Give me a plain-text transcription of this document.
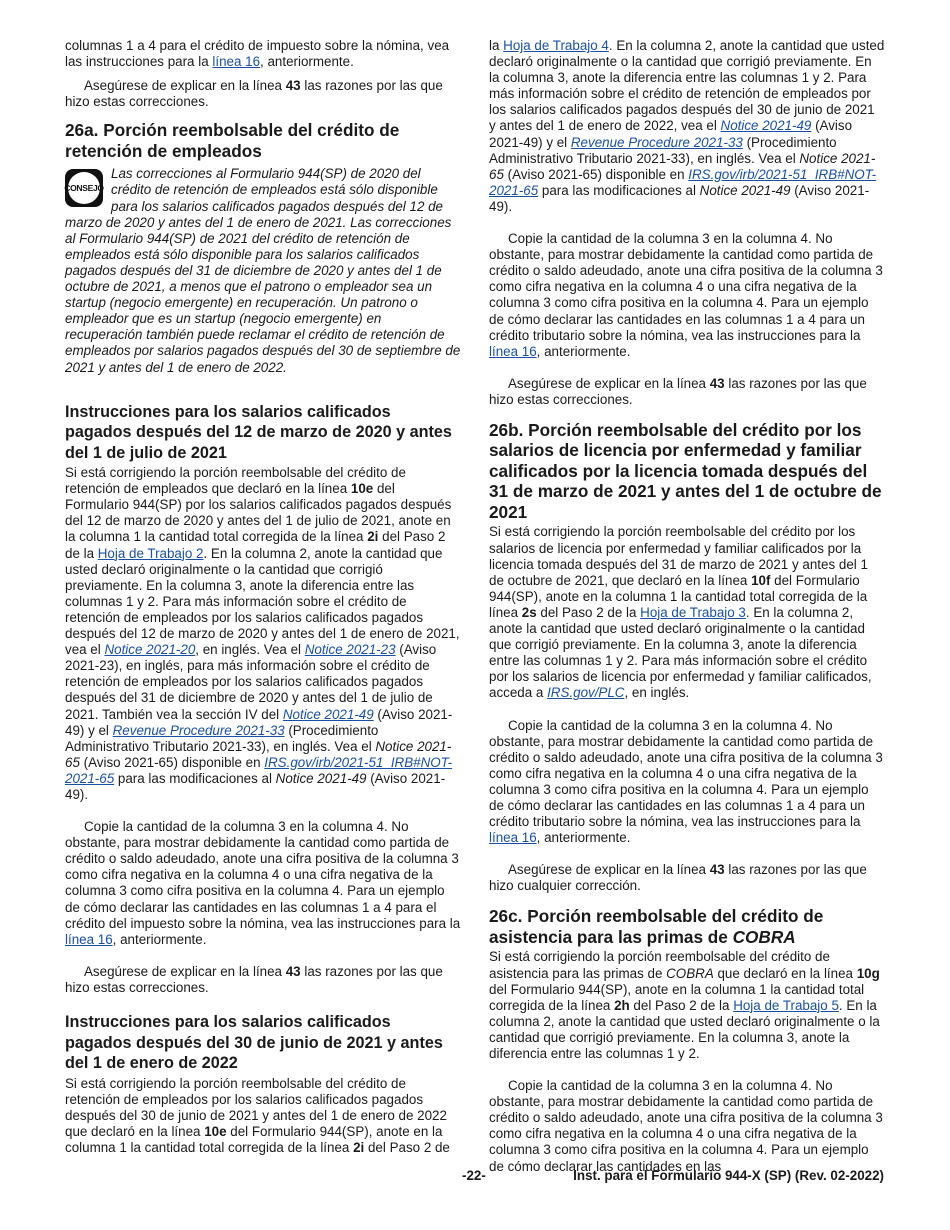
columnas 1 a 4 para el crédito de impuesto sobre la nómina, vea las instrucciones para la línea 16, anteriormente.

Asegúrese de explicar en la línea 43 las razones por las que hizo estas correcciones.

26a. Porción reembolsable del crédito de retención de empleados
CONSEJO

Las correcciones al Formulario 944(SP) de 2020 del crédito de retención de empleados está sólo disponible para los salarios calificados pagados después del 12 de marzo de 2020 y antes del 1 de enero de 2021. Las correcciones al Formulario 944(SP) de 2021 del crédito de retención de empleados está sólo disponible para los salarios calificados pagados después del 31 de diciembre de 2020 y antes del 1 de octubre de 2021, a menos que el patrono o empleador sea un startup (negocio emergente) en recuperación. Un patrono o empleador que es un startup (negocio emergente) en recuperación también puede reclamar el crédito de retención de empleados por salarios pagados después del 30 de septiembre de 2021 y antes del 1 de enero de 2022.

Instrucciones para los salarios calificados pagados después del 12 de marzo de 2020 y antes del 1 de julio de 2021

Si está corrigiendo la porción reembolsable del crédito de retención de empleados que declaró en la línea 10e del Formulario 944(SP) por los salarios calificados pagados después del 12 de marzo de 2020 y antes del 1 de julio de 2021, anote en la columna 1 la cantidad total corregida de la línea 2i del Paso 2 de la Hoja de Trabajo 2. En la columna 2, anote la cantidad que usted declaró originalmente o la cantidad que corrigió previamente. En la columna 3, anote la diferencia entre las columnas 1 y 2. Para más información sobre el crédito de retención de empleados por los salarios calificados pagados después del 12 de marzo de 2020 y antes del 1 de enero de 2021, vea el Notice 2021-20, en inglés. Vea el Notice 2021-23 (Aviso 2021-23), en inglés, para más información sobre el crédito de retención de empleados por los salarios calificados pagados después del 31 de diciembre de 2020 y antes del 1 de julio de 2021. También vea la sección IV del Notice 2021-49 (Aviso 2021-49) y el Revenue Procedure 2021-33 (Procedimiento Administrativo Tributario 2021-33), en inglés. Vea el Notice 2021-65 (Aviso 2021-65) disponible en IRS.gov/irb/2021-51_IRB#NOT-2021-65 para las modificaciones al Notice 2021-49 (Aviso 2021-49).

Copie la cantidad de la columna 3 en la columna 4. No obstante, para mostrar debidamente la cantidad como partida de crédito o saldo adeudado, anote una cifra positiva de la columna 3 como cifra negativa en la columna 4 o una cifra negativa de la columna 3 como cifra positiva en la columna 4. Para un ejemplo de cómo declarar las cantidades en las columnas 1 a 4 para el crédito del impuesto sobre la nómina, vea las instrucciones para la línea 16, anteriormente.

Asegúrese de explicar en la línea 43 las razones por las que hizo estas correcciones.

Instrucciones para los salarios calificados pagados después del 30 de junio de 2021 y antes del 1 de enero de 2022

Si está corrigiendo la porción reembolsable del crédito de retención de empleados por los salarios calificados pagados después del 30 de junio de 2021 y antes del 1 de enero de 2022 que declaró en la línea 10e del Formulario 944(SP), anote en la columna 1 la cantidad total corregida de la línea 2i del Paso 2 de

la Hoja de Trabajo 4. En la columna 2, anote la cantidad que usted declaró originalmente o la cantidad que corrigió previamente. En la columna 3, anote la diferencia entre las columnas 1 y 2. Para más información sobre el crédito de retención de empleados por los salarios calificados pagados después del 30 de junio de 2021 y antes del 1 de enero de 2022, vea el Notice 2021-49 (Aviso 2021-49) y el Revenue Procedure 2021-33 (Procedimiento Administrativo Tributario 2021-33), en inglés. Vea el Notice 2021-65 (Aviso 2021-65) disponible en IRS.gov/irb/2021-51_IRB#NOT-2021-65 para las modificaciones al Notice 2021-49 (Aviso 2021-49).

Copie la cantidad de la columna 3 en la columna 4. No obstante, para mostrar debidamente la cantidad como partida de crédito o saldo adeudado, anote una cifra positiva de la columna 3 como cifra negativa en la columna 4 o una cifra negativa de la columna 3 como cifra positiva en la columna 4. Para un ejemplo de cómo declarar las cantidades en las columnas 1 a 4 para un crédito tributario sobre la nómina, vea las instrucciones para la línea 16, anteriormente.

Asegúrese de explicar en la línea 43 las razones por las que hizo estas correcciones.

26b. Porción reembolsable del crédito por los salarios de licencia por enfermedad y familiar calificados por la licencia tomada después del 31 de marzo de 2021 y antes del 1 de octubre de 2021

Si está corrigiendo la porción reembolsable del crédito por los salarios de licencia por enfermedad y familiar calificados por la licencia tomada después del 31 de marzo de 2021 y antes del 1 de octubre de 2021, que declaró en la línea 10f del Formulario 944(SP), anote en la columna 1 la cantidad total corregida de la línea 2s del Paso 2 de la Hoja de Trabajo 3. En la columna 2, anote la cantidad que usted declaró originalmente o la cantidad que corrigió previamente. En la columna 3, anote la diferencia entre las columnas 1 y 2. Para más información sobre el crédito por los salarios de licencia por enfermedad y familiar calificados, acceda a IRS.gov/PLC, en inglés.

Copie la cantidad de la columna 3 en la columna 4. No obstante, para mostrar debidamente la cantidad como partida de crédito o saldo adeudado, anote una cifra positiva de la columna 3 como cifra negativa en la columna 4 o una cifra negativa de la columna 3 como cifra positiva en la columna 4. Para un ejemplo de cómo declarar las cantidades en las columnas 1 a 4 para un crédito tributario sobre la nómina, vea las instrucciones para la línea 16, anteriormente.

Asegúrese de explicar en la línea 43 las razones por las que hizo cualquier corrección.

26c. Porción reembolsable del crédito de asistencia para las primas de COBRA

Si está corrigiendo la porción reembolsable del crédito de asistencia para las primas de COBRA que declaró en la línea 10g del Formulario 944(SP), anote en la columna 1 la cantidad total corregida de la línea 2h del Paso 2 de la Hoja de Trabajo 5. En la columna 2, anote la cantidad que usted declaró originalmente o la cantidad que corrigió previamente. En la columna 3, anote la diferencia entre las columnas 1 y 2.

Copie la cantidad de la columna 3 en la columna 4. No obstante, para mostrar debidamente la cantidad como partida de crédito o saldo adeudado, anote una cifra positiva de la columna 3 como cifra negativa en la columna 4 o una cifra negativa de la columna 3 como cifra positiva en la columna 4. Para un ejemplo de cómo declarar las cantidades en las

-22-	Inst. para el Formulario 944-X (SP) (Rev. 02-2022)
